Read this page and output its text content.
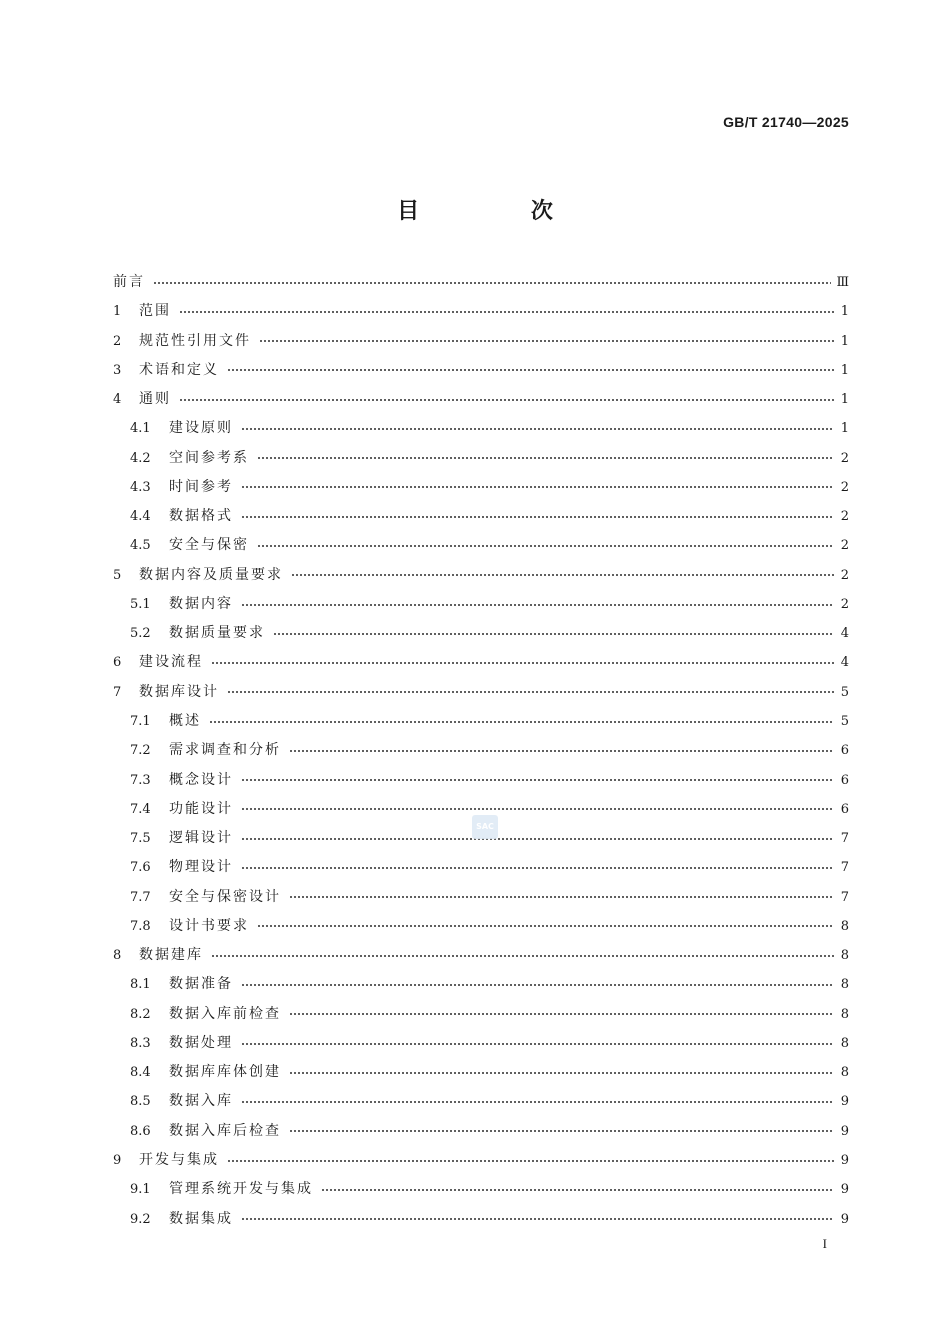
GB/T 21740—2025
目 次
前言	Ⅲ
1	范围	1
2	规范性引用文件	1
3	术语和定义	1
4	通则	1
4.1	建设原则	1
4.2	空间参考系	2
4.3	时间参考	2
4.4	数据格式	2
4.5	安全与保密	2
5	数据内容及质量要求	2
5.1	数据内容	2
5.2	数据质量要求	4
6	建设流程	4
7	数据库设计	5
7.1	概述	5
7.2	需求调查和分析	6
7.3	概念设计	6
7.4	功能设计	6
7.5	逻辑设计	7
7.6	物理设计	7
7.7	安全与保密设计	7
7.8	设计书要求	8
8	数据建库	8
8.1	数据准备	8
8.2	数据入库前检查	8
8.3	数据处理	8
8.4	数据库库体创建	8
8.5	数据入库	9
8.6	数据入库后检查	9
9	开发与集成	9
9.1	管理系统开发与集成	9
9.2	数据集成	9
SAC
I
